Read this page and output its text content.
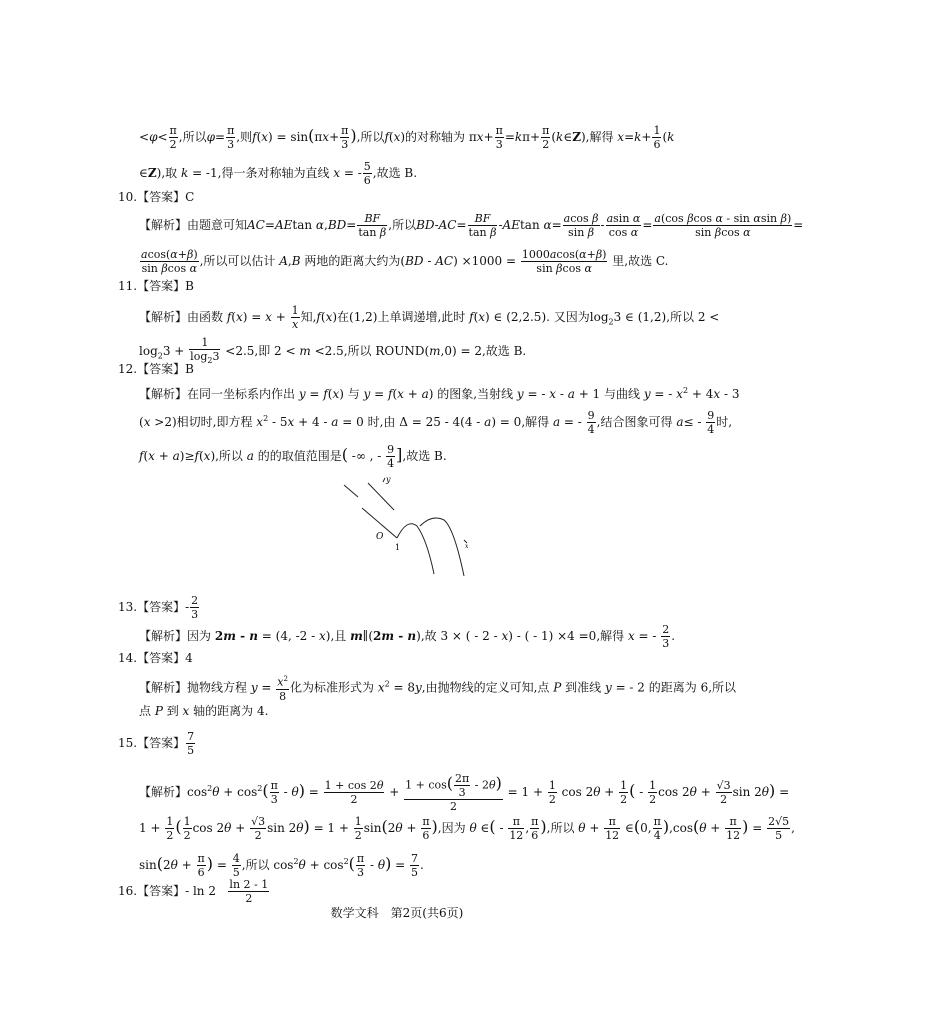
$<\varphi< \frac{\pi}{2}$ ,所以$\varphi= \frac{\pi}{3}$ ,则$f(x) = \sin(\pi x+ \frac{\pi}{3}$ ),所以f(x)的对称轴为 $\pi x+ \frac{\pi}{3} =k\pi+ \frac{\pi}{2}$ (k∈Z),解得 $x=k+ \frac{1}{6} (k$
∈Z),取 k = -1,得一条对称轴为直线 x = - $\frac{5}{6}$ ,故选 B.
10.【答案】C
【解析】由题意可知AC=AEtan $\alpha,BD= \frac{BF}{\text{tan β}}$ ,所以$BD-AC= \frac{BF}{\text{tan β}} -AEtan$ $\alpha= \frac{\text{acos β}}{\text{sin β}} - \frac{\text{asin α}}{\text{cos α}} = \frac{\text{a(cos βcos α - sin αsin β)}}{\text{sin βcos α}}$ =
$\frac{acos(\alpha+\beta)}{\text{sin βcos α}}$ ,所以可以估计 A,B 两地的距离大约为$(BD - AC) \times 1000 = \frac{1000acos(\alpha+\beta)}{\text{sin βcos α}}$ 里,故选 C.
11.【答案】B
【解析】由函数 $f(x) = x + \frac{1}{x}$ 知,f(x)在(1,2)上单调递增,此时 f(x) ∈ (2,2.5). 又因为$\log_23$ ∈ (1,2),所以 2 <
$\log_23 + \frac{1}{\log_23} <2.5$,即 2 < m <2.5,所以 ROUND(m,0) = 2,故选 B.
12.【答案】B
【解析】在同一坐标系内作出 y = f(x) 与 y = f(x + a) 的图象,当射线 y = - x - a + 1 与曲线 y = - $x^2 + 4x - 3$
(x >2)相切时,即方程 $x^2 - 5x + 4 - a = 0$ 时,由 Δ = 25 - 4(4 - a) = 0,解得 a = - $\frac{9}{4}$ ,结合图象可得 $a\le - \frac{9}{4}$ 时,
f(x + a)≥f(x),所以 a 的的取值范围是( -∞ , - $\frac{9}{4}$ ],故选 B.
y
O
1	x
13.【答案】- $\frac{2}{3}$
【解析】因为 2m - n = (4, -2 - x),且 m∥(2m - n),故 3 × ( - 2 - x) - ( - 1) ×4 =0,解得 x = - $\frac{2}{3}$ .
14.【答案】4
【解析】抛物线方程 $y = \frac{x^2}{8}$ 化为标准形式为 $x^2 = 8y$,由抛物线的定义可知,点 P 到准线 y = - 2 的距离为 6,所以
点 P 到 x 轴的距离为 4.
15.【答案】 $\frac{7}{5}$
【解析】$\cos^2\theta + \cos^2( \frac{\pi}{3} - \theta) = \frac{1 + \cos 2\theta}{2} + \frac{1 + \cos( \frac{2\pi}{3} - 2\theta)}{2} = 1 + \frac{1}{2}$ $\cos 2\theta + \frac{1}{2}$ ( - $\frac{1}{2}$ $\cos 2\theta + \frac{√3}{2}$ sin 2θ) =
$1 + \frac{1}{2}$ ( $\frac{1}{2}$ $\cos 2\theta + \frac{√3}{2}$ $\sin 2\theta) = 1 + \frac{1}{2} \sin(2\theta + \frac{\pi}{6}$ ),因为 θ ∈( - $\frac{\pi}{12}$ , $\frac{\pi}{6}$ ),所以 $\theta + \frac{\pi}{12}$ ∈(0, $\frac{\pi}{4} ),\cos(\theta + \frac{\pi}{12}$ ) = $\frac{2√5}{5}$ ,
$\sin(2\theta + \frac{\pi}{6}$ ) = $\frac{4}{5}$ ,所以 $\cos^2\theta + \cos^2( \frac{\pi}{3} - \theta) = \frac{7}{5}$ .
16.【答案】- $\ln 2 \frac{\ln 2 - 1}{2}$
数学文科　第2页(共6页)
